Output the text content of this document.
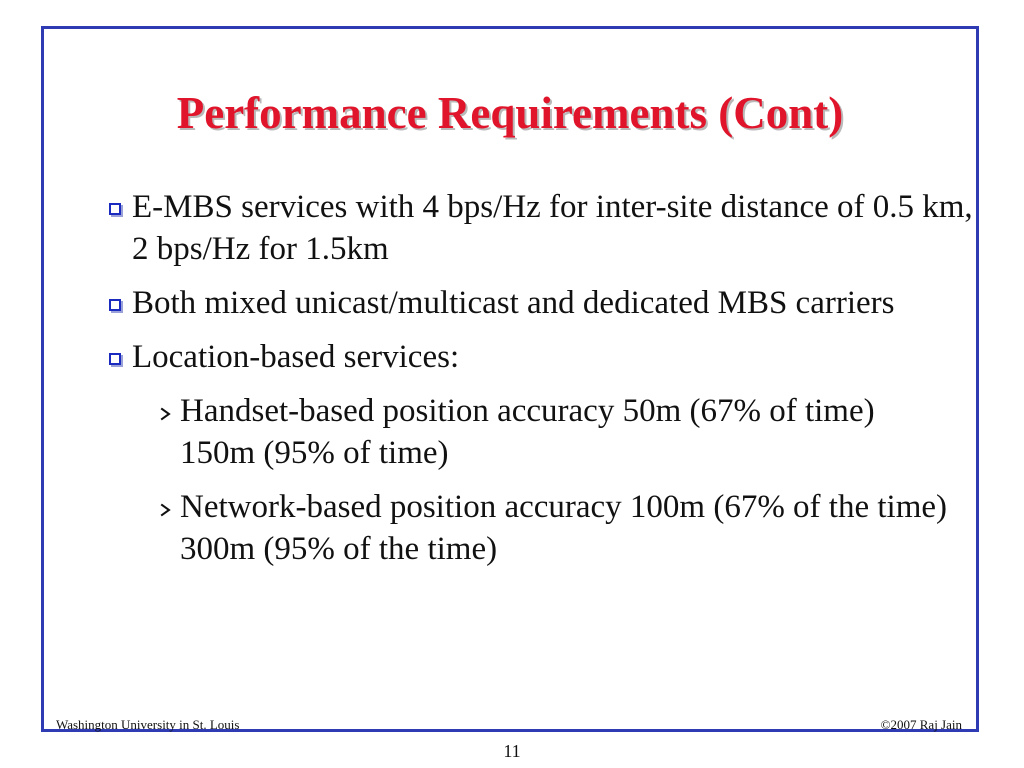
Performance Requirements (Cont)
E-MBS services with 4 bps/Hz for inter-site distance of 0.5 km, 2 bps/Hz for 1.5km
Both mixed unicast/multicast and dedicated MBS carriers
Location-based services:
Handset-based position accuracy 50m (67% of time) 150m (95% of time)
Network-based position accuracy 100m (67% of the time) 300m (95% of the time)
Washington University in St. Louis	©2007 Raj Jain
11
